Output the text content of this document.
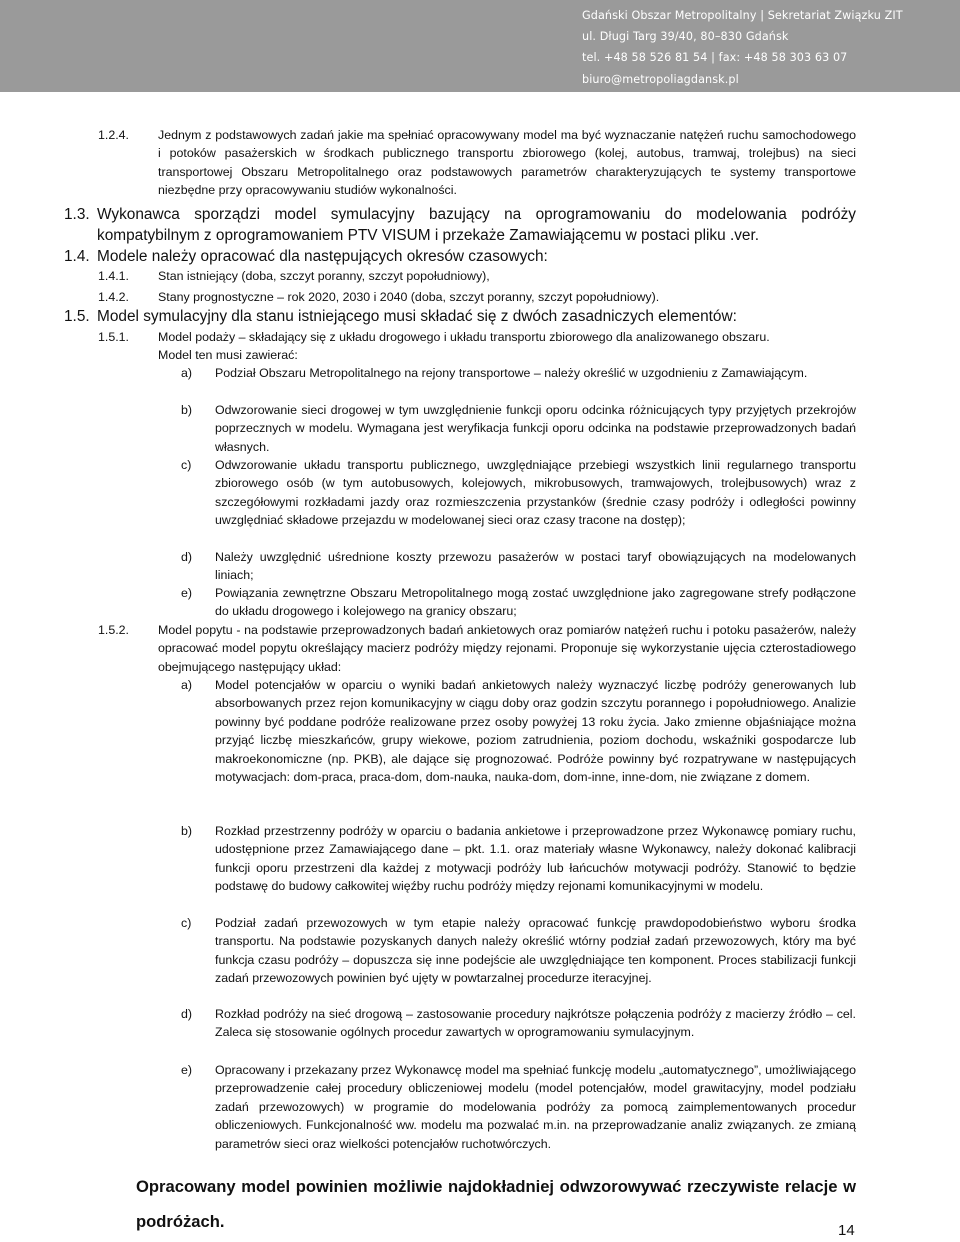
Gdański Obszar Metropolitalny | Sekretariat Związku ZIT
ul. Długi Targ 39/40, 80–830 Gdańsk
tel. +48 58 526 81 54 | fax: +48 58 303 63 07
biuro@metropoliagdansk.pl
1.2.4. Jednym z podstawowych zadań jakie ma spełniać opracowywany model ma być wyznaczanie natężeń ruchu samochodowego i potoków pasażerskich w środkach publicznego transportu zbiorowego (kolej, autobus, tramwaj, trolejbus) na sieci transportowej Obszaru Metropolitalnego oraz podstawowych parametrów charakteryzujących te systemy transportowe niezbędne przy opracowywaniu studiów wykonalności.
1.3. Wykonawca sporządzi model symulacyjny bazujący na oprogramowaniu do modelowania podróży kompatybilnym z oprogramowaniem PTV VISUM i przekaże Zamawiającemu w postaci pliku .ver.
1.4. Modele należy opracować dla następujących okresów czasowych:
1.4.1. Stan istniejący (doba, szczyt poranny, szczyt popołudniowy),
1.4.2. Stany prognostyczne – rok 2020, 2030 i 2040 (doba, szczyt poranny, szczyt popołudniowy).
1.5. Model symulacyjny dla stanu istniejącego musi składać się z dwóch zasadniczych elementów:
1.5.1. Model podaży – składający się z układu drogowego i układu transportu zbiorowego dla analizowanego obszaru.
Model ten musi zawierać:
a) Podział Obszaru Metropolitalnego na rejony transportowe – należy określić w uzgodnieniu z Zamawiającym.
b) Odwzorowanie sieci drogowej w tym uwzględnienie funkcji oporu odcinka różnicujących typy przyjętych przekrojów poprzecznych w modelu. Wymagana jest weryfikacja funkcji oporu odcinka na podstawie przeprowadzonych badań własnych.
c) Odwzorowanie układu transportu publicznego, uwzględniające przebiegi wszystkich linii regularnego transportu zbiorowego osób (w tym autobusowych, kolejowych, mikrobusowych, tramwajowych, trolejbusowych) wraz z szczegółowymi rozkładami jazdy oraz rozmieszczenia przystanków (średnie czasy podróży i odległości powinny uwzględniać składowe przejazdu w modelowanej sieci oraz czasy tracone na dostęp);
d) Należy uwzględnić uśrednione koszty przewozu pasażerów w postaci taryf obowiązujących na modelowanych liniach;
e) Powiązania zewnętrzne Obszaru Metropolitalnego mogą zostać uwzględnione jako zagregowane strefy podłączone do układu drogowego i kolejowego na granicy obszaru;
1.5.2. Model popytu - na podstawie przeprowadzonych badań ankietowych oraz pomiarów natężeń ruchu i potoku pasażerów, należy opracować model popytu określający macierz podróży między rejonami. Proponuje się wykorzystanie ujęcia czterostadiowego obejmującego następujący układ:
a) Model potencjałów w oparciu o wyniki badań ankietowych należy wyznaczyć liczbę podróży generowanych lub absorbowanych przez rejon komunikacyjny w ciągu doby oraz godzin szczytu porannego i popołudniowego. Analizie powinny być poddane podróże realizowane przez osoby powyżej 13 roku życia. Jako zmienne objaśniające można przyjąć liczbę mieszkańców, grupy wiekowe, poziom zatrudnienia, poziom dochodu, wskaźniki gospodarcze lub makroekonomiczne (np. PKB), ale dające się prognozować. Podróże powinny być rozpatrywane w następujących motywacjach: dom-praca, praca-dom, dom-nauka, nauka-dom, dom-inne, inne-dom, nie związane z domem.
b) Rozkład przestrzenny podróży w oparciu o badania ankietowe i przeprowadzone przez Wykonawcę pomiary ruchu, udostępnione przez Zamawiającego dane – pkt. 1.1. oraz materiały własne Wykonawcy, należy dokonać kalibracji funkcji oporu przestrzeni dla każdej z motywacji podróży lub łańcuchów motywacji podróży. Stanowić to będzie podstawę do budowy całkowitej więźby ruchu podróży między rejonami komunikacyjnymi w modelu.
c) Podział zadań przewozowych w tym etapie należy opracować funkcję prawdopodobieństwo wyboru środka transportu. Na podstawie pozyskanych danych należy określić wtórny podział zadań przewozowych, który ma być funkcja czasu podróży – dopuszcza się inne podejście ale uwzględniające ten komponent. Proces stabilizacji funkcji zadań przewozowych powinien być ujęty w powtarzalnej procedurze iteracyjnej.
d) Rozkład podróży na sieć drogową – zastosowanie procedury najkrótsze połączenia podróży z macierzy źródło – cel. Zaleca się stosowanie ogólnych procedur zawartych w oprogramowaniu symulacyjnym.
e) Opracowany i przekazany przez Wykonawcę model ma spełniać funkcję modelu „automatycznego”, umożliwiającego przeprowadzenie całej procedury obliczeniowej modelu (model potencjałów, model grawitacyjny, model podziału zadań przewozowych) w programie do modelowania podróży za pomocą zaimplementowanych procedur obliczeniowych. Funkcjonalność ww. modelu ma pozwalać m.in. na przeprowadzanie analiz związanych. ze zmianą parametrów sieci oraz wielkości potencjałów ruchotwórczych.
Opracowany model powinien możliwie najdokładniej odwzorowywać rzeczywiste relacje w podróżach.	14
